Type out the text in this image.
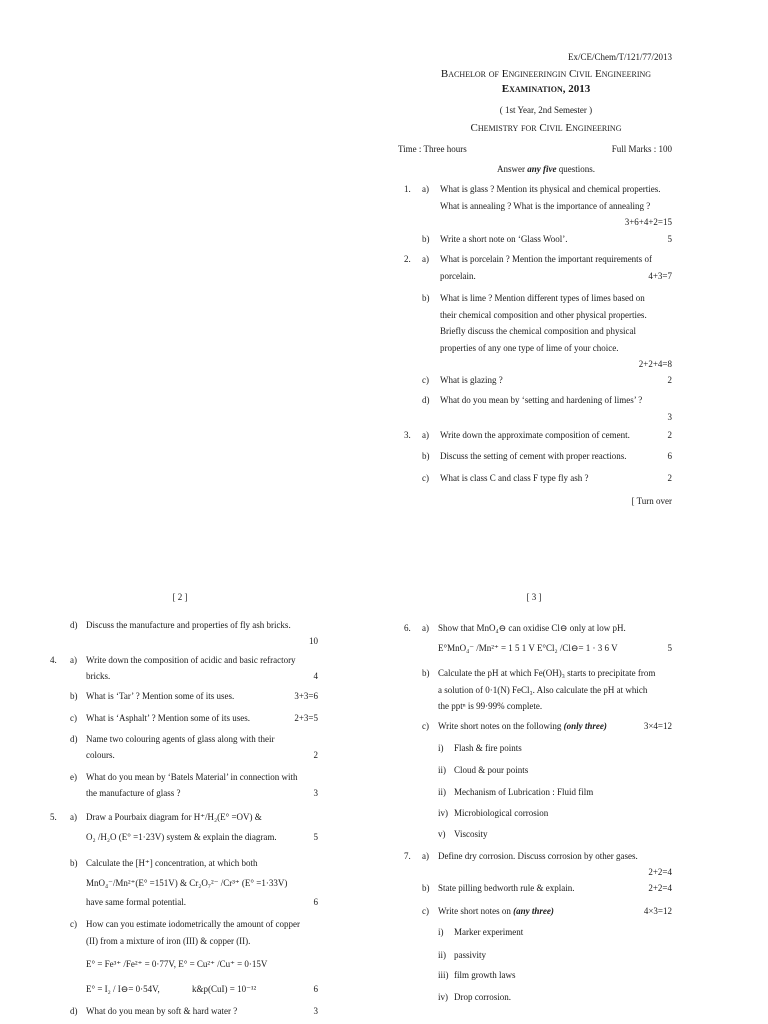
Ex/CE/Chem/T/121/77/2013
Bachelor of Engineeringin Civil Engineering
Examination, 2013
( 1st Year, 2nd Semester )
Chemistry for Civil Engineering
Time : Three hours	Full Marks : 100
Answer any five questions.
1. a) What is glass ? Mention its physical and chemical properties.
What is annealing ? What is the importance of annealing ?
3+6+4+2=15
b) Write a short note on ‘Glass Wool’.	5
2. a) What is porcelain ? Mention the important requirements of
porcelain.	4+3=7
b) What is lime ? Mention different types of limes based on
their chemical composition and other physical properties.
Briefly discuss the chemical composition and physical
properties of any one type of lime of your choice.
2+2+4=8
c) What is glazing ?	2
d) What do you mean by ‘setting and hardening of limes’ ?
3
3. a) Write down the approximate composition of cement.	2
b) Discuss the setting of cement with proper reactions.	6
c) What is class C and class F type fly ash ?	2
[ Turn over
[ 2 ]
d) Discuss the manufacture and properties of fly ash bricks.
10
4. a) Write down the composition of acidic and basic refractory
bricks.	4
b) What is ‘Tar’ ? Mention some of its uses.	3+3=6
c) What is ‘Asphalt’ ? Mention some of its uses.	2+3=5
d) Name two colouring agents of glass along with their
colours.	2
e) What do you mean by ‘Batels Material’ in connection with
the manufacture of glass ?	3
5. a) Draw a Pourbaix diagram for H⁺/H₂(E° =OV) &
O₂ /H₂O (E° =1·23V) system & explain the diagram.	5
b) Calculate the [H⁺] concentration, at which both
MnO₄⁻/Mn²⁺(E° =151V) & Cr₂O₇²⁻ /Cr³⁺ (E° =1·33V)
have same formal potential.	6
c) How can you estimate iodometrically the amount of copper
(II) from a mixture of iron (III) & copper (II).
E° = Fe³⁺ /Fe²⁺ = 0·77V, E° = Cu²⁺ /Cu⁺ = 0·15V
E° = I₂ / I⊖= 0·54V,	k&p(CuI) = 10⁻¹²	6
d) What do you mean by soft & hard water ?	3
[ 3 ]
6. a) Show that MnO₄⊖ can oxidise Cl⊖ only at low pH.
E°MnO₄⁻ /Mn²⁺ = 1 5 1 V E°Cl₂ /Cl⊖= 1 · 3 6 V	5
b) Calculate the pH at which Fe(OH)₃ starts to precipitate from
a solution of 0·1(N) FeCl₃. Also calculate the pH at which
the pptⁿ is 99·99% complete.
c) Write short notes on the following (only three)	3×4=12
i) Flash & fire points
ii) Cloud & pour points
ii) Mechanism of Lubrication : Fluid film
iv) Microbiological corrosion
v) Viscosity
7. a) Define dry corrosion. Discuss corrosion by other gases.
2+2=4
b) State pilling bedworth rule & explain.	2+2=4
c) Write short notes on (any three)	4×3=12
i) Marker experiment
ii) passivity
iii) film growth laws
iv) Drop corrosion.
